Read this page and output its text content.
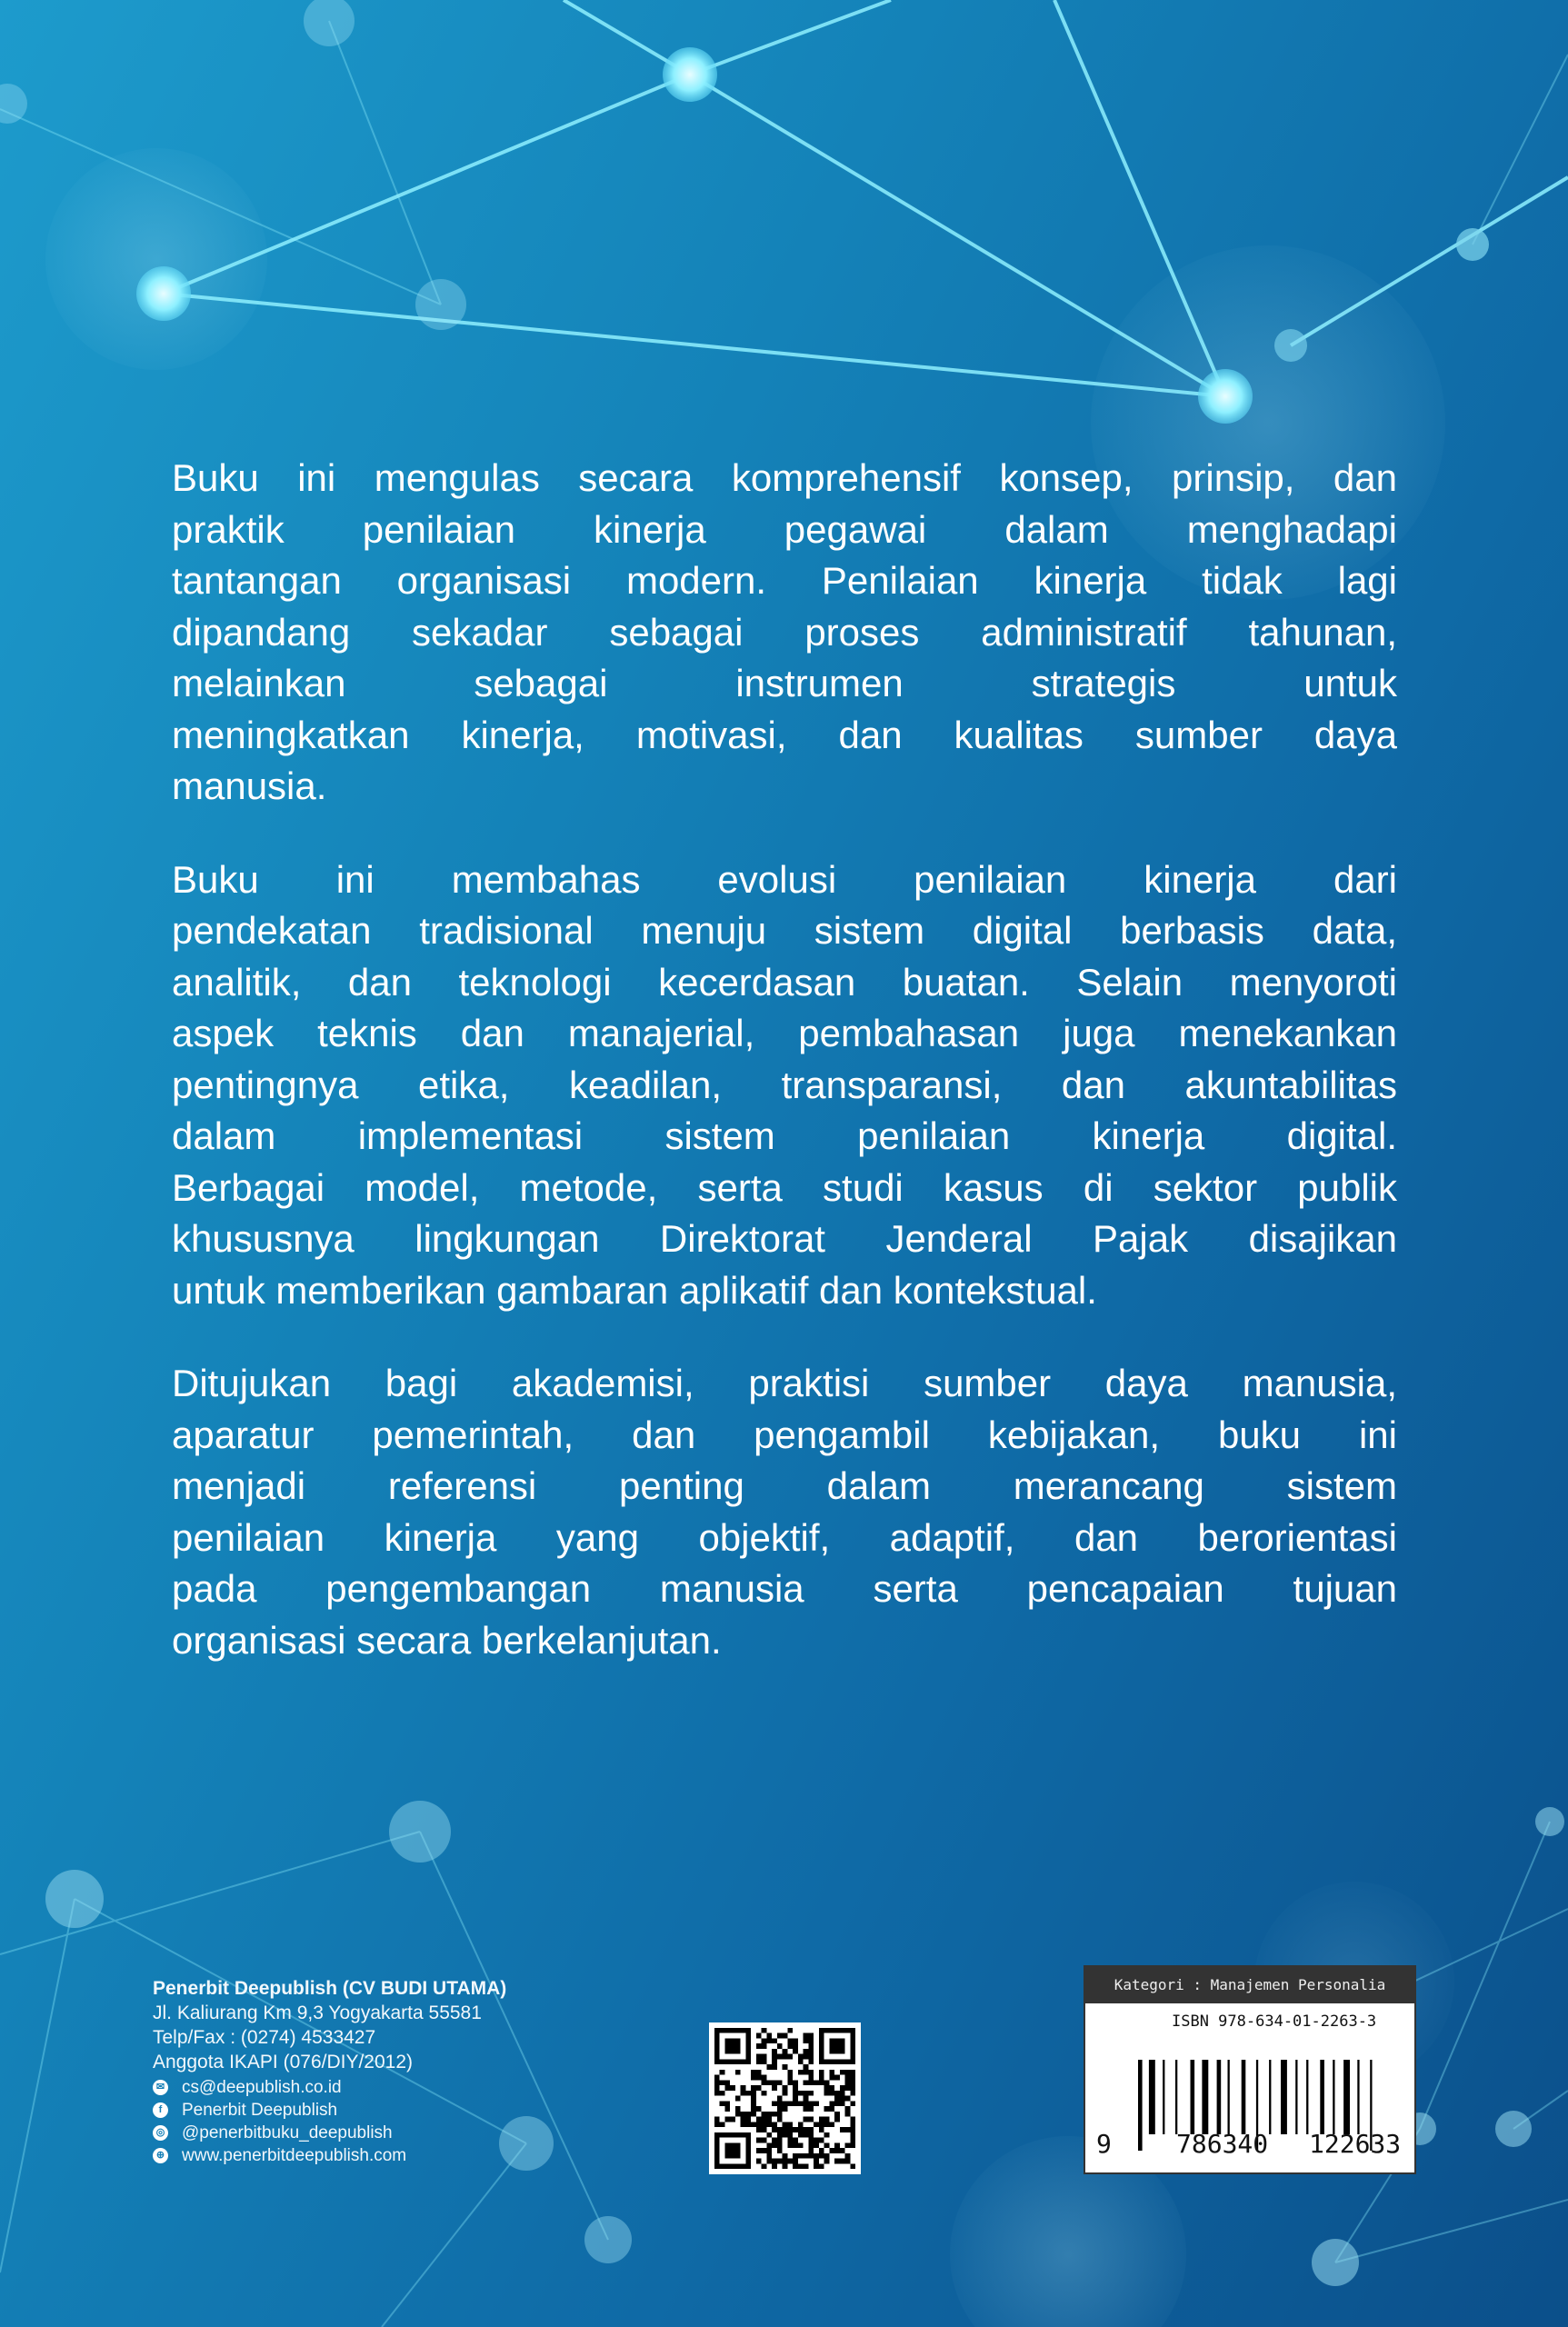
Buku ini mengulas secara komprehensif konsep, prinsip, dan
praktik penilaian kinerja pegawai dalam menghadapi
tantangan organisasi modern. Penilaian kinerja tidak lagi
dipandang sekadar sebagai proses administratif tahunan,
melainkan sebagai instrumen strategis untuk
meningkatkan kinerja, motivasi, dan kualitas sumber daya
manusia.
Buku ini membahas evolusi penilaian kinerja dari
pendekatan tradisional menuju sistem digital berbasis data,
analitik, dan teknologi kecerdasan buatan. Selain menyoroti
aspek teknis dan manajerial, pembahasan juga menekankan
pentingnya etika, keadilan, transparansi, dan akuntabilitas
dalam implementasi sistem penilaian kinerja digital.
Berbagai model, metode, serta studi kasus di sektor publik
khususnya lingkungan Direktorat Jenderal Pajak disajikan
untuk memberikan gambaran aplikatif dan kontekstual.
Ditujukan bagi akademisi, praktisi sumber daya manusia,
aparatur pemerintah, dan pengambil kebijakan, buku ini
menjadi referensi penting dalam merancang sistem
penilaian kinerja yang objektif, adaptif, dan berorientasi
pada pengembangan manusia serta pencapaian tujuan
organisasi secara berkelanjutan.
Penerbit Deepublish (CV BUDI UTAMA)
Jl. Kaliurang Km 9,3 Yogyakarta 55581
Telp/Fax : (0274) 4533427
Anggota IKAPI (076/DIY/2012)
✉ cs@deepublish.co.id
f	Penerbit Deepublish
◎ @penerbitbuku_deepublish
⊕ www.penerbitdeepublish.com
Kategori : Manajemen Personalia
ISBN 978-634-01-2263-3
9	786340 122633
